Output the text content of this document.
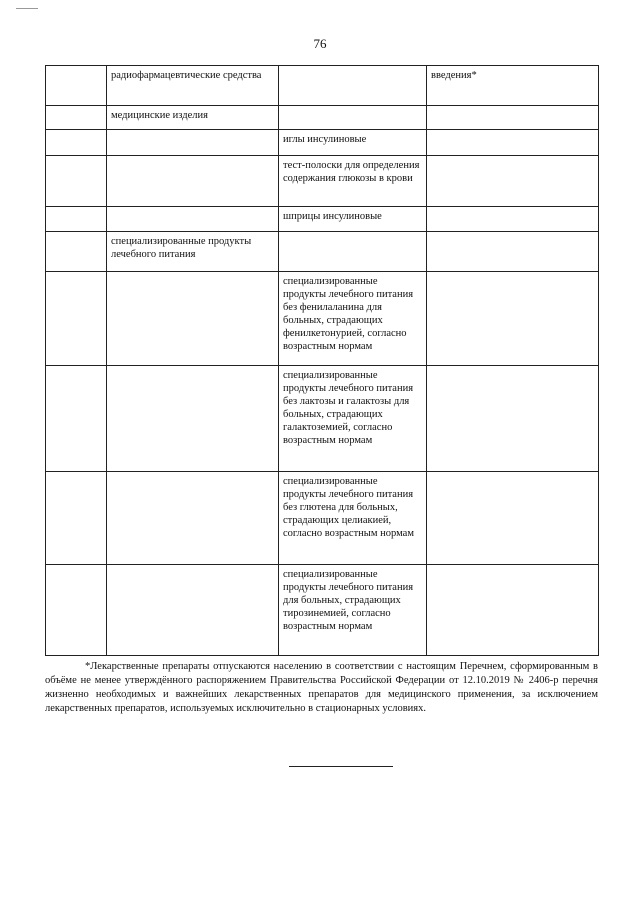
76
	радиофармацевтические средства		введения*
	медицинские изделия		
		иглы инсулиновые	
		тест-полоски для определения содержания глюкозы в крови	
		шприцы инсулиновые	
	специализированные продукты лечебного питания		
		специализированные продукты лечебного питания без фенилаланина для больных, страдающих фенилкетонурией, согласно возрастным нормам	
		специализированные продукты лечебного питания без лактозы и галактозы для больных, страдающих галактоземией, согласно возрастным нормам	
		специализированные продукты лечебного питания без глютена для больных, страдающих целиакией, согласно возрастным нормам	
		специализированные продукты лечебного питания для больных, страдающих тирозинемией, согласно возрастным нормам	
*Лекарственные препараты отпускаются населению в соответствии с настоящим Перечнем, сформированным в объёме не менее утверждённого распоряжением Правительства Российской Федерации от 12.10.2019 № 2406-р перечня жизненно необходимых и важнейших лекарственных препаратов для медицинского применения, за исключением лекарственных препаратов, используемых исключительно в стационарных условиях.
